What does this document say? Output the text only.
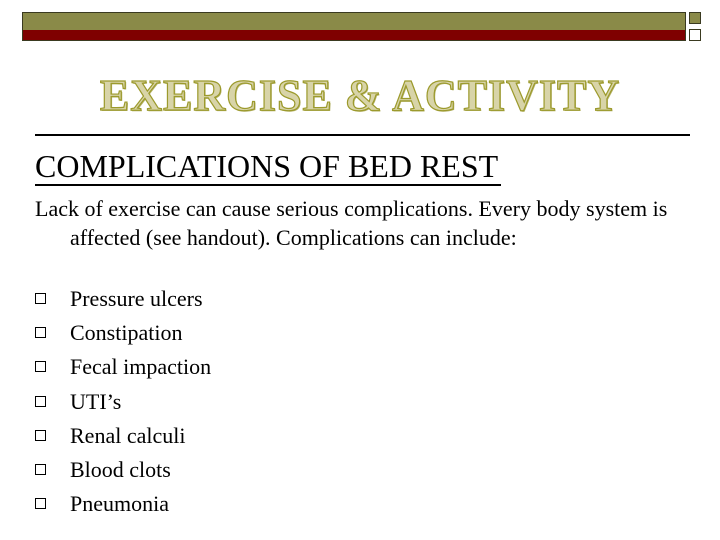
EXERCISE & ACTIVITY
COMPLICATIONS OF BED REST
Lack of exercise can cause serious complications. Every body system is affected (see handout). Complications can include:
Pressure ulcers
Constipation
Fecal impaction
UTI’s
Renal calculi
Blood clots
Pneumonia
